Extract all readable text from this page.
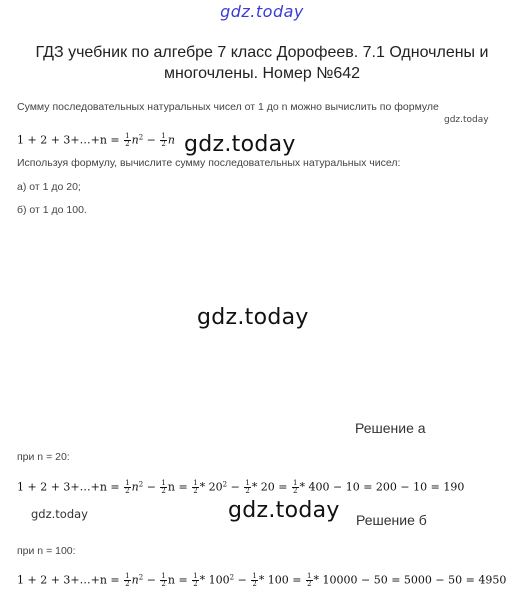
gdz.today
ГДЗ учебник по алгебре 7 класс Дорофеев. 7.1 Одночлены и многочлены. Номер №642
Сумму последовательных натуральных чисел от 1 до n можно вычислить по формуле
gdz.today
1 + 2 + 3+…+n = $\frac{1}{2} n^2 - \frac{1}{2}$ n gdz.today
Используя формулу, вычислите сумму последовательных натуральных чисел:
а) от 1 до 20;
б) от 1 до 100.
gdz.today
Решение а
при n = 20:
1 + 2 + 3+…+n = $\frac{1}{2} n^2 - \frac{1}{2}$ $n = \frac{1}{2} * 20^2 - \frac{1}{2} * 20 = \frac{1}{2} * 400 - 10 = 200 - 10 = 190$
gdz.today	gdz.today Решение б
при n = 100:
1 + 2 + 3+…+n = $\frac{1}{2} n^2 - \frac{1}{2}$ $n = \frac{1}{2} * 100^2 - \frac{1}{2} * 100 = \frac{1}{2} * 10000 - 50 = 5000 - 50 = 4950$
